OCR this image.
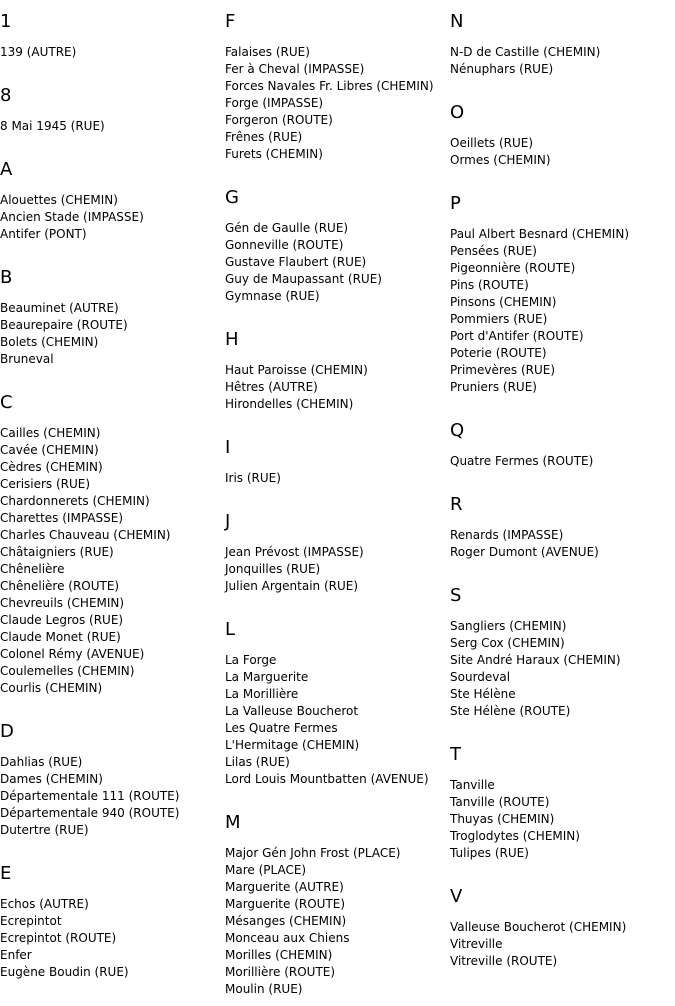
1
139 (AUTRE)
8
8 Mai 1945 (RUE)
A
Alouettes (CHEMIN)
Ancien Stade (IMPASSE)
Antifer (PONT)
B
Beauminet (AUTRE)
Beaurepaire (ROUTE)
Bolets (CHEMIN)
Bruneval
C
Cailles (CHEMIN)
Cavée (CHEMIN)
Cèdres (CHEMIN)
Cerisiers (RUE)
Chardonnerets (CHEMIN)
Charettes (IMPASSE)
Charles Chauveau (CHEMIN)
Châtaigniers (RUE)
Chênelière
Chênelière (ROUTE)
Chevreuils (CHEMIN)
Claude Legros (RUE)
Claude Monet (RUE)
Colonel Rémy (AVENUE)
Coulemelles (CHEMIN)
Courlis (CHEMIN)
D
Dahlias (RUE)
Dames (CHEMIN)
Départementale 111 (ROUTE)
Départementale 940 (ROUTE)
Dutertre (RUE)
E
Echos (AUTRE)
Ecrepintot
Ecrepintot (ROUTE)
Enfer
Eugène Boudin (RUE)
F
Falaises (RUE)
Fer à Cheval (IMPASSE)
Forces Navales Fr. Libres (CHEMIN)
Forge (IMPASSE)
Forgeron (ROUTE)
Frênes (RUE)
Furets (CHEMIN)
G
Gén de Gaulle (RUE)
Gonneville (ROUTE)
Gustave Flaubert (RUE)
Guy de Maupassant (RUE)
Gymnase (RUE)
H
Haut Paroisse (CHEMIN)
Hêtres (AUTRE)
Hirondelles (CHEMIN)
I
Iris (RUE)
J
Jean Prévost (IMPASSE)
Jonquilles (RUE)
Julien Argentain (RUE)
L
La Forge
La Marguerite
La Morillière
La Valleuse Boucherot
Les Quatre Fermes
L'Hermitage (CHEMIN)
Lilas (RUE)
Lord Louis Mountbatten (AVENUE)
M
Major Gén John Frost (PLACE)
Mare (PLACE)
Marguerite (AUTRE)
Marguerite (ROUTE)
Mésanges (CHEMIN)
Monceau aux Chiens
Morilles (CHEMIN)
Morillière (ROUTE)
Moulin (RUE)
N
N-D de Castille (CHEMIN)
Nénuphars (RUE)
O
Oeillets (RUE)
Ormes (CHEMIN)
P
Paul Albert Besnard (CHEMIN)
Pensées (RUE)
Pigeonnière (ROUTE)
Pins (ROUTE)
Pinsons (CHEMIN)
Pommiers (RUE)
Port d'Antifer (ROUTE)
Poterie (ROUTE)
Primevères (RUE)
Pruniers (RUE)
Q
Quatre Fermes (ROUTE)
R
Renards (IMPASSE)
Roger Dumont (AVENUE)
S
Sangliers (CHEMIN)
Serg Cox (CHEMIN)
Site André Haraux (CHEMIN)
Sourdeval
Ste Hélène
Ste Hélène (ROUTE)
T
Tanville
Tanville (ROUTE)
Thuyas (CHEMIN)
Troglodytes (CHEMIN)
Tulipes (RUE)
V
Valleuse Boucherot (CHEMIN)
Vitreville
Vitreville (ROUTE)
